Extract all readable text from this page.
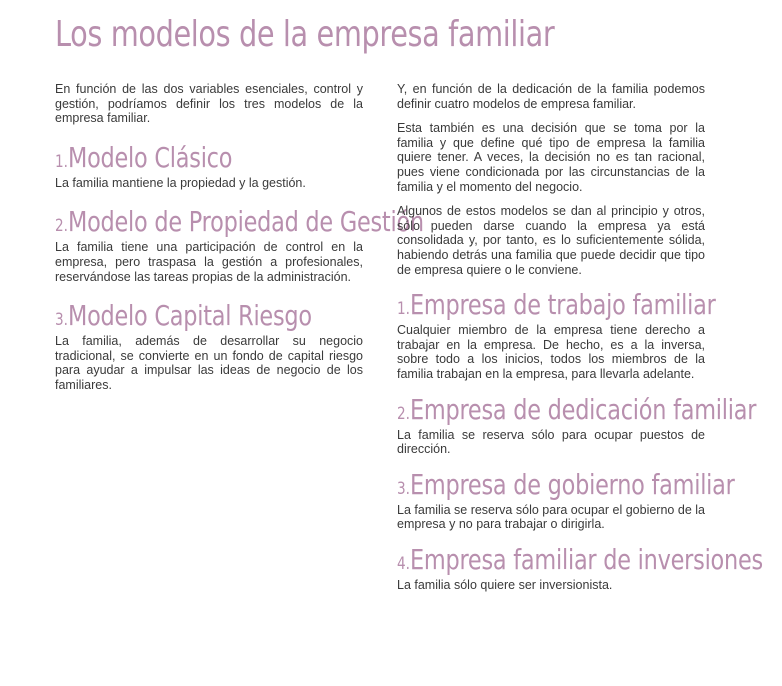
Los modelos de la empresa familiar

En función de las dos variables esenciales, control y gestión, podríamos definir los tres modelos de la empresa familiar.

1.Modelo Clásico

La familia mantiene la propiedad y la gestión.

2.Modelo de Propiedad de Gestión

La familia tiene una participación de control en la empresa, pero traspasa la gestión a profesionales, reservándose las tareas propias de la administración.

3.Modelo Capital Riesgo

La familia, además de desarrollar su negocio tradicional, se convierte en un fondo de capital riesgo para ayudar a impulsar las ideas de negocio de los familiares.

Y, en función de la dedicación de la familia podemos definir cuatro modelos de empresa familiar.

Esta también es una decisión que se toma por la familia y que define qué tipo de empresa la familia quiere tener. A veces, la decisión no es tan racional, pues viene condicionada por las circunstancias de la familia y el momento del negocio.

Algunos de estos modelos se dan al principio y otros, sólo pueden darse cuando la empresa ya está consolidada y, por tanto, es lo suficientemente sólida, habiendo detrás una familia que puede decidir que tipo de empresa quiere o le conviene.

1.Empresa de trabajo familiar

Cualquier miembro de la empresa tiene derecho a trabajar en la empresa. De hecho, es a la inversa, sobre todo a los inicios, todos los miembros de la familia trabajan en la empresa, para llevarla adelante.

2.Empresa de dedicación familiar

La familia se reserva sólo para ocupar puestos de dirección.

3.Empresa de gobierno familiar

La familia se reserva sólo para ocupar el gobierno de la empresa y no para trabajar o dirigirla.

4.Empresa familiar de inversiones

La familia sólo quiere ser inversionista.
